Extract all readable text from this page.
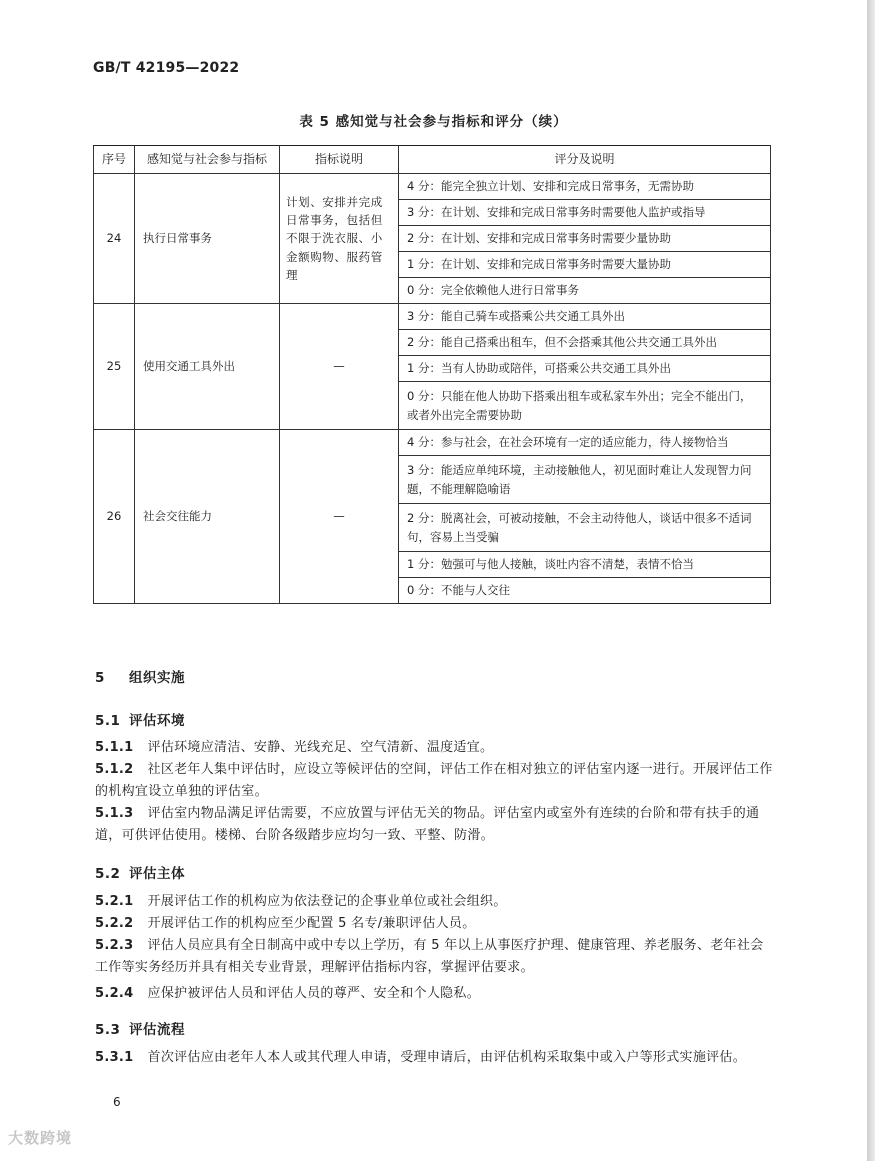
GB/T 42195—2022
表 5 感知觉与社会参与指标和评分（续）
序号	感知觉与社会参与指标	指标说明	评分及说明
24	执行日常事务	计划、安排并完成日常事务，包括但不限于洗衣服、小金额购物、服药管理	4 分：能完全独立计划、安排和完成日常事务，无需协助
			3 分：在计划、安排和完成日常事务时需要他人监护或指导
			2 分：在计划、安排和完成日常事务时需要少量协助
			1 分：在计划、安排和完成日常事务时需要大量协助
			0 分：完全依赖他人进行日常事务
25	使用交通工具外出	—	3 分：能自己骑车或搭乘公共交通工具外出
			2 分：能自己搭乘出租车，但不会搭乘其他公共交通工具外出
			1 分：当有人协助或陪伴，可搭乘公共交通工具外出
			0 分：只能在他人协助下搭乘出租车或私家车外出；完全不能出门，或者外出完全需要协助
26	社会交往能力	—	4 分：参与社会，在社会环境有一定的适应能力，待人接物恰当
			3 分：能适应单纯环境，主动接触他人，初见面时难让人发现智力问题，不能理解隐喻语
			2 分：脱离社会，可被动接触，不会主动待他人，谈话中很多不适词句，容易上当受骗
			1 分：勉强可与他人接触，谈吐内容不清楚，表情不恰当
			0 分：不能与人交往
5 组织实施
5.1 评估环境
5.1.1 评估环境应清洁、安静、光线充足、空气清新、温度适宜。
5.1.2 社区老年人集中评估时，应设立等候评估的空间，评估工作在相对独立的评估室内逐一进行。开展评估工作的机构宜设立单独的评估室。
5.1.3 评估室内物品满足评估需要，不应放置与评估无关的物品。评估室内或室外有连续的台阶和带有扶手的通道，可供评估使用。楼梯、台阶各级踏步应均匀一致、平整、防滑。
5.2 评估主体
5.2.1 开展评估工作的机构应为依法登记的企事业单位或社会组织。
5.2.2 开展评估工作的机构应至少配置 5 名专/兼职评估人员。
5.2.3 评估人员应具有全日制高中或中专以上学历，有 5 年以上从事医疗护理、健康管理、养老服务、老年社会工作等实务经历并具有相关专业背景，理解评估指标内容，掌握评估要求。
5.2.4 应保护被评估人员和评估人员的尊严、安全和个人隐私。
5.3 评估流程
5.3.1 首次评估应由老年人本人或其代理人申请，受理申请后，由评估机构采取集中或入户等形式实施评估。
6
大数跨境
